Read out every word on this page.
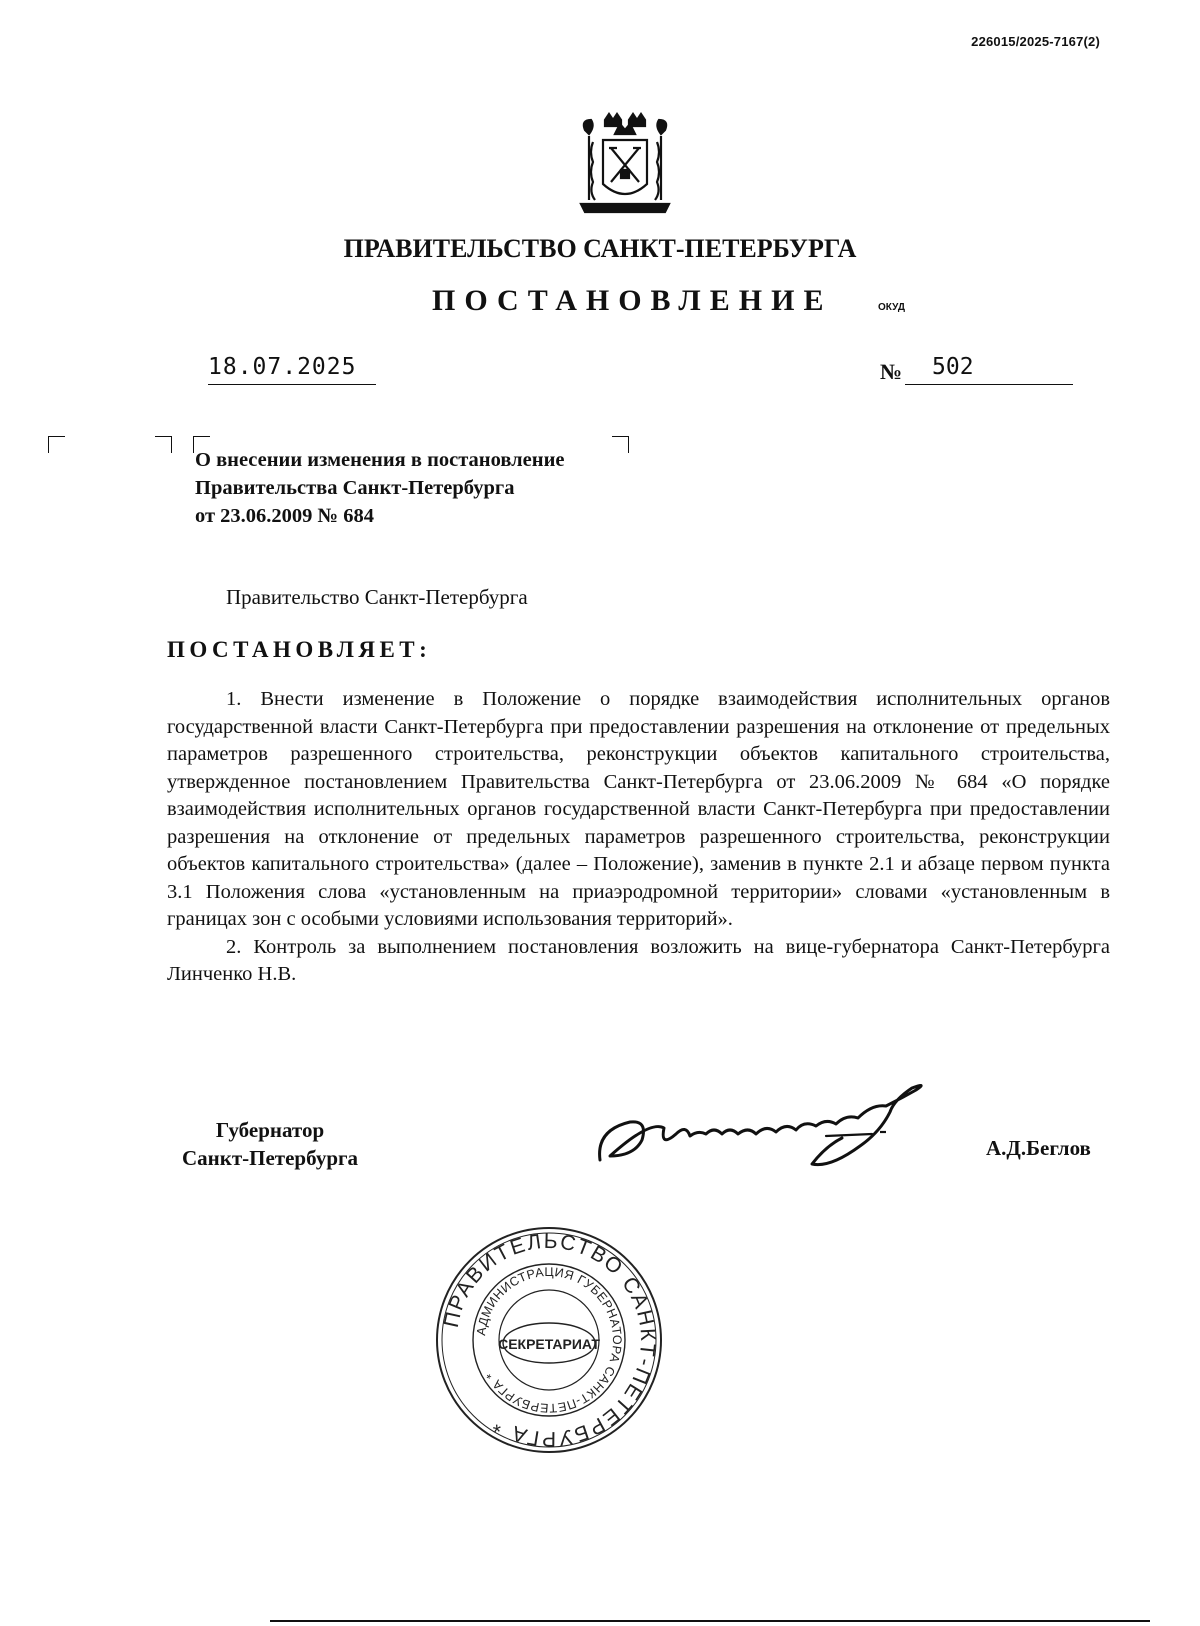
226015/2025-7167(2)
ПРАВИТЕЛЬСТВО САНКТ-ПЕТЕРБУРГА
ПОСТАНОВЛЕНИЕ	ОКУД
18.07.2025	№ 502
О внесении изменения в постановление
Правительства Санкт-Петербурга
от 23.06.2009 № 684
Правительство Санкт-Петербурга
ПОСТАНОВЛЯЕТ:

1. Внести изменение в Положение о порядке взаимодействия исполнительных органов государственной власти Санкт-Петербурга при предоставлении разрешения на отклонение от предельных параметров разрешенного строительства, реконструкции объектов капитального строительства, утвержденное постановлением Правительства Санкт-Петербурга от 23.06.2009 № 684 «О порядке взаимодействия исполнительных органов государственной власти Санкт-Петербурга при предоставлении разрешения на отклонение от предельных параметров разрешенного строительства, реконструкции объектов капитального строительства» (далее – Положение), заменив в пункте 2.1 и абзаце первом пункта 3.1 Положения слова «установленным на приаэродромной территории» словами «установленным в границах зон с особыми условиями использования территорий».

2. Контроль за выполнением постановления возложить на вице-губернатора Санкт-Петербурга Линченко Н.В.

Губернатор
Санкт-Петербурга	А.Д.Беглов
ПРАВИТЕЛЬСТВО САНКТ-ПЕТЕРБУРГА *
АДМИНИСТРАЦИЯ ГУБЕРНАТОРА САНКТ-ПЕТЕРБУРГА *
СЕКРЕТАРИАТ
